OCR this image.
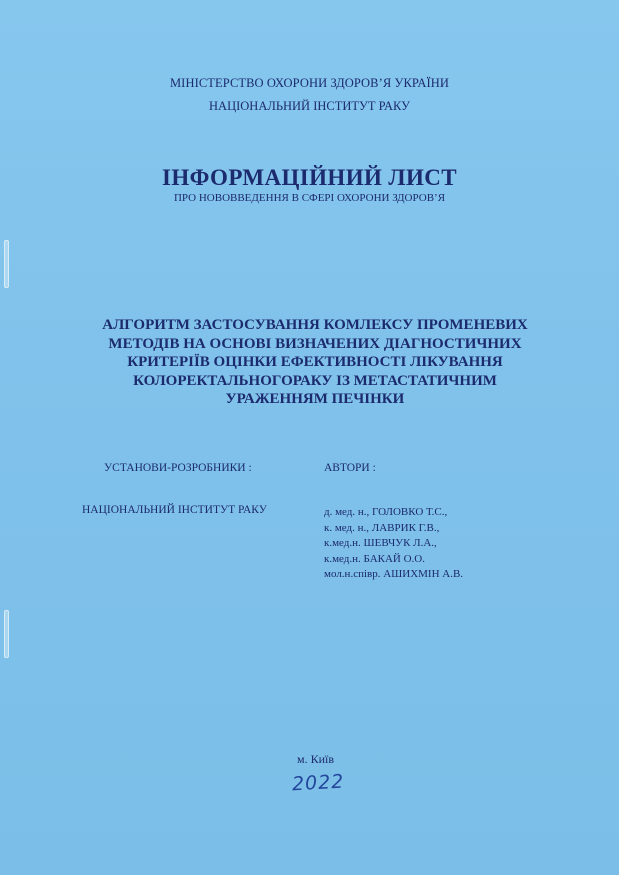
МІНІСТЕРСТВО ОХОРОНИ ЗДОРОВ’Я УКРАЇНИ
НАЦІОНАЛЬНИЙ ІНСТИТУТ РАКУ
ІНФОРМАЦІЙНИЙ ЛИСТ
ПРО НОВОВВЕДЕННЯ В СФЕРІ ОХОРОНИ ЗДОРОВ’Я
АЛГОРИТМ ЗАСТОСУВАННЯ КОМЛЕКСУ ПРОМЕНЕВИХ
МЕТОДІВ НА ОСНОВІ ВИЗНАЧЕНИХ ДІАГНОСТИЧНИХ
КРИТЕРІЇВ ОЦІНКИ ЕФЕКТИВНОСТІ ЛІКУВАННЯ
КОЛОРЕКТАЛЬНОГОРАКУ ІЗ МЕТАСТАТИЧНИМ
УРАЖЕННЯМ ПЕЧІНКИ
УСТАНОВИ-РОЗРОБНИКИ :	АВТОРИ :
НАЦІОНАЛЬНИЙ ІНСТИТУТ РАКУ	д. мед. н., ГОЛОВКО Т.С.,
к. мед. н., ЛАВРИК Г.В.,
к.мед.н. ШЕВЧУК Л.А.,
к.мед.н. БАКАЙ О.О.
мол.н.співр. АШИХМІН А.В.
м. Київ
2022
